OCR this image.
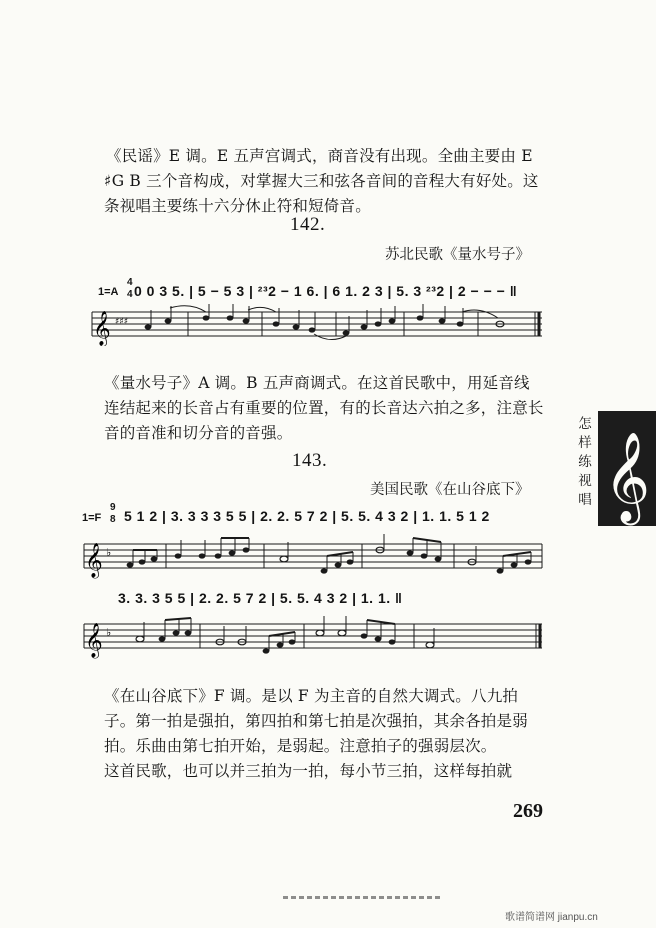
《民谣》E 调。E 五声宫调式，商音没有出现。全曲主要由 E
♯G B 三个音构成，对掌握大三和弦各音间的音程大有好处。这
条视唱主要练十六分休止符和短倚音。
142.
苏北民歌《量水号子》
1=A 0 0 3 5. | 5 − 5 3 | ²³2 − 1 6. | 6 1. 2 3 | 5. 3 ²³2 | 2 − − − ‖
4
4
𝄞 ♯♯♯
《量水号子》A 调。B 五声商调式。在这首民歌中，用延音线
连结起来的长音占有重要的位置，有的长音达六拍之多，注意长
音的音准和切分音的音强。	怎
样
练
视
唱 𝄞
143.
美国民歌《在山谷底下》
1=F
9
8 5 1 2 | 3. 3 3 3 5 5 | 2. 2. 5 7 2 | 5. 5. 4 3 2 | 1. 1. 5 1 2
𝄞 ♭
3. 3. 3 5 5 | 2. 2. 5 7 2 | 5. 5. 4 3 2 | 1. 1. ‖
𝄞 ♭
《在山谷底下》F 调。是以 F 为主音的自然大调式。八九拍
子。第一拍是强拍，第四拍和第七拍是次强拍，其余各拍是弱
拍。乐曲由第七拍开始，是弱起。注意拍子的强弱层次。
这首民歌，也可以并三拍为一拍，每小节三拍，这样每拍就
269
歌谱简谱网 jianpu.cn
